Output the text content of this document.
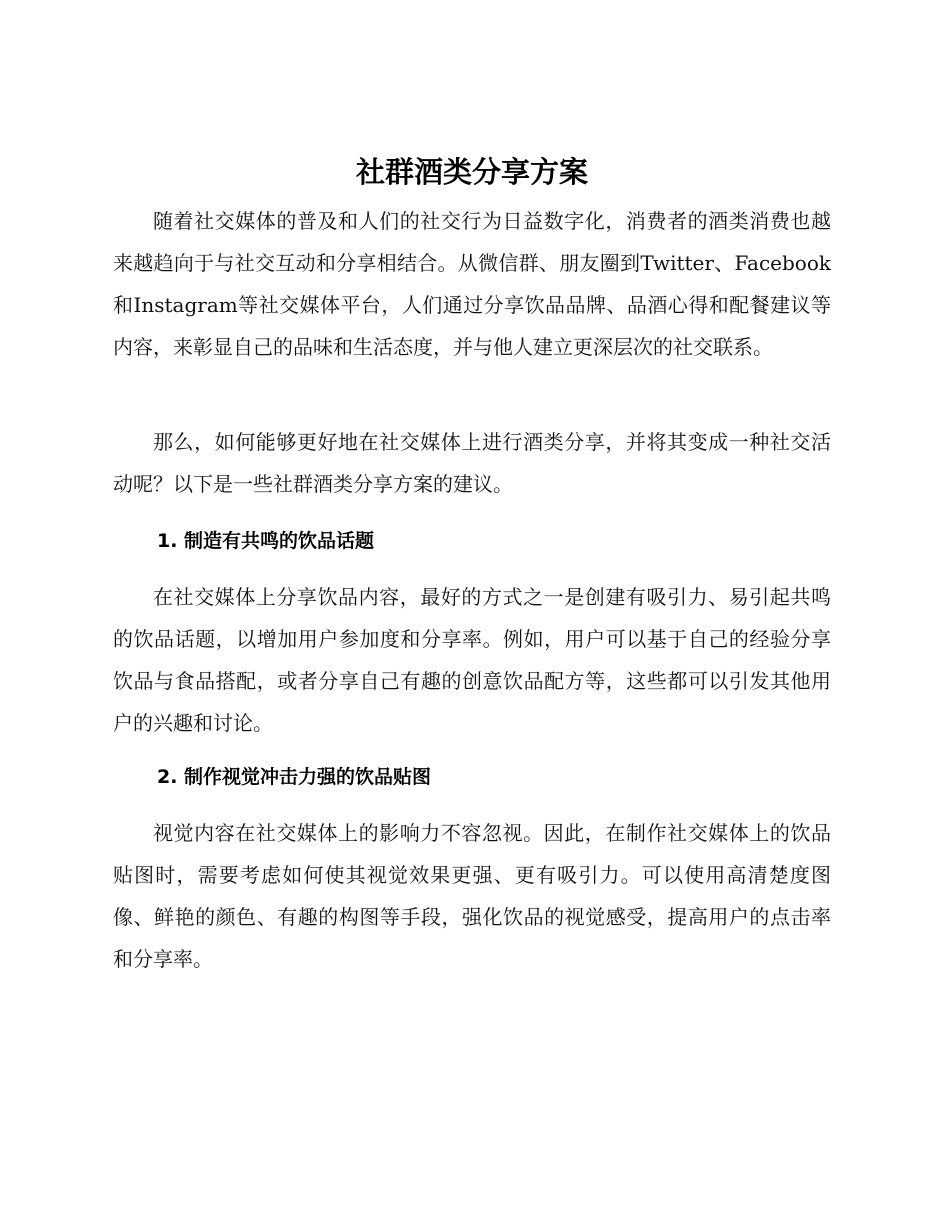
社群酒类分享方案

随着社交媒体的普及和人们的社交行为日益数字化，消费者的酒类消费也越来越趋向于与社交互动和分享相结合。从微信群、朋友圈到Twitter、Facebook和Instagram等社交媒体平台，人们通过分享饮品品牌、品酒心得和配餐建议等内容，来彰显自己的品味和生活态度，并与他人建立更深层次的社交联系。

那么，如何能够更好地在社交媒体上进行酒类分享，并将其变成一种社交活动呢？以下是一些社群酒类分享方案的建议。

1. 制造有共鸣的饮品话题

在社交媒体上分享饮品内容，最好的方式之一是创建有吸引力、易引起共鸣的饮品话题，以增加用户参加度和分享率。例如，用户可以基于自己的经验分享饮品与食品搭配，或者分享自己有趣的创意饮品配方等，这些都可以引发其他用户的兴趣和讨论。

2. 制作视觉冲击力强的饮品贴图

视觉内容在社交媒体上的影响力不容忽视。因此，在制作社交媒体上的饮品贴图时，需要考虑如何使其视觉效果更强、更有吸引力。可以使用高清楚度图像、鲜艳的颜色、有趣的构图等手段，强化饮品的视觉感受，提高用户的点击率和分享率。
